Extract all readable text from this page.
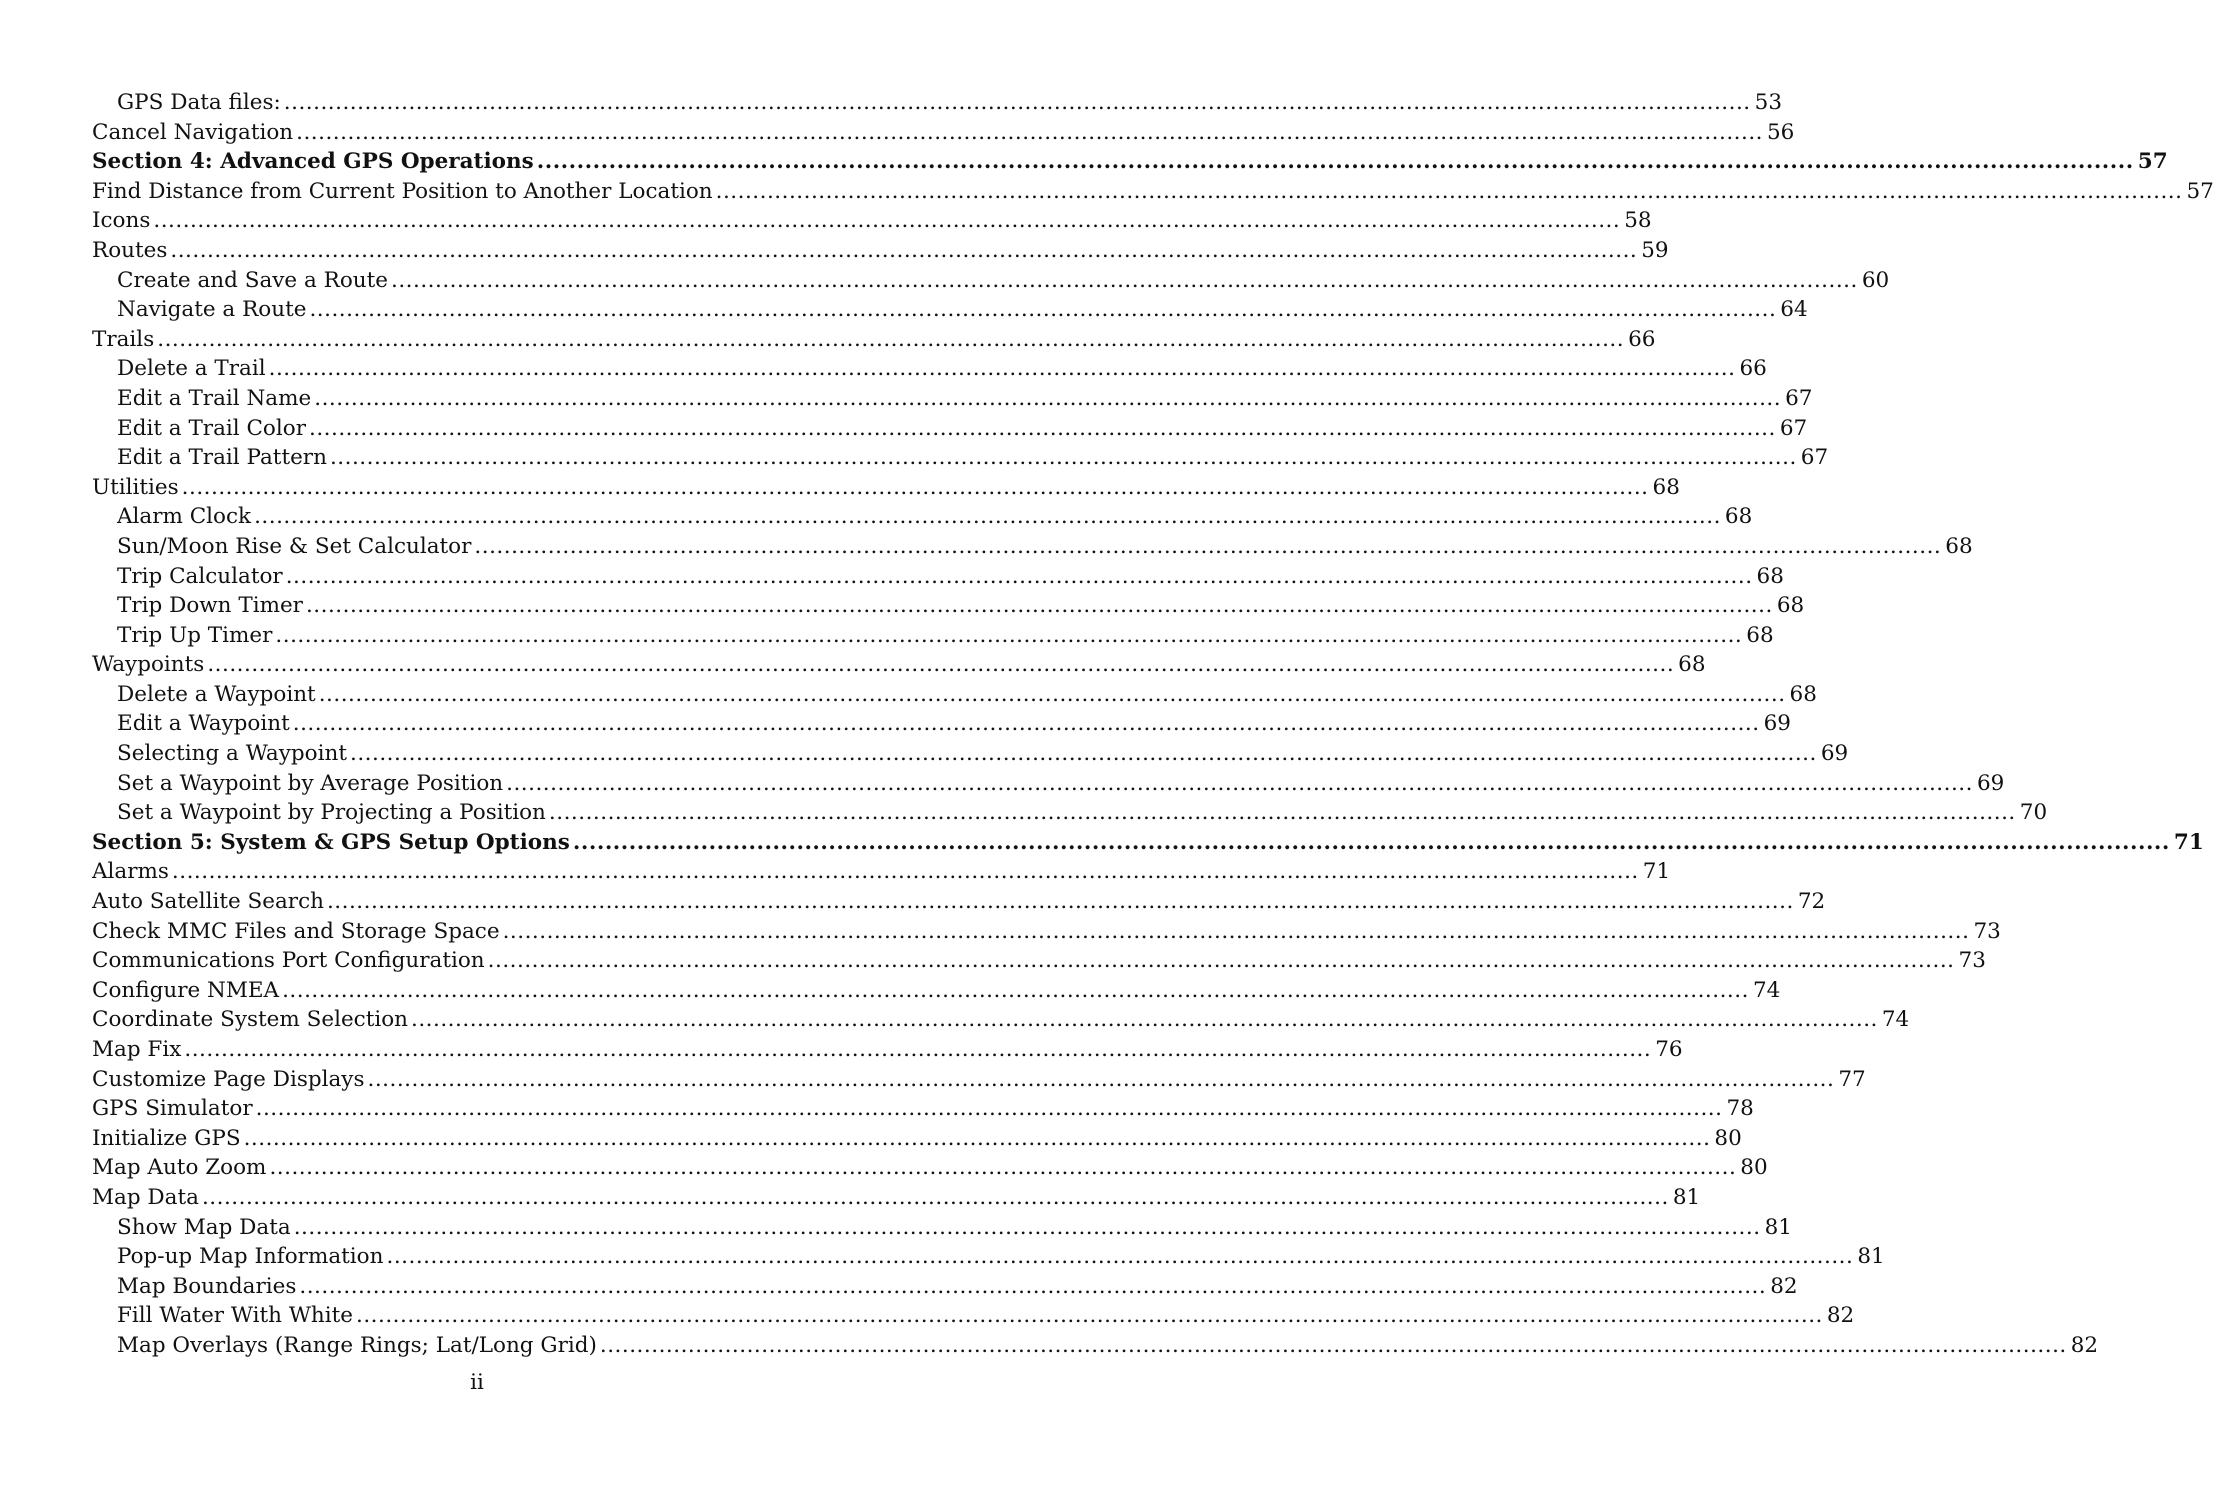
GPS Data files: ........................................................................................................................................................................................................ 53
Cancel Navigation ........................................................................................................................................................................................................ 56
Section 4: Advanced GPS Operations ........................................................................................................................................................................................................ 57
Find Distance from Current Position to Another Location ........................................................................................................................................................................................................ 57
Icons ........................................................................................................................................................................................................ 58
Routes ........................................................................................................................................................................................................ 59
Create and Save a Route ........................................................................................................................................................................................................ 60
Navigate a Route ........................................................................................................................................................................................................ 64
Trails ........................................................................................................................................................................................................ 66
Delete a Trail ........................................................................................................................................................................................................ 66
Edit a Trail Name ........................................................................................................................................................................................................ 67
Edit a Trail Color ........................................................................................................................................................................................................ 67
Edit a Trail Pattern ........................................................................................................................................................................................................ 67
Utilities ........................................................................................................................................................................................................ 68
Alarm Clock ........................................................................................................................................................................................................ 68
Sun/Moon Rise & Set Calculator ........................................................................................................................................................................................................ 68
Trip Calculator ........................................................................................................................................................................................................ 68
Trip Down Timer ........................................................................................................................................................................................................ 68
Trip Up Timer ........................................................................................................................................................................................................ 68
Waypoints ........................................................................................................................................................................................................ 68
Delete a Waypoint ........................................................................................................................................................................................................ 68
Edit a Waypoint ........................................................................................................................................................................................................ 69
Selecting a Waypoint ........................................................................................................................................................................................................ 69
Set a Waypoint by Average Position ........................................................................................................................................................................................................ 69
Set a Waypoint by Projecting a Position ........................................................................................................................................................................................................ 70
Section 5: System & GPS Setup Options ........................................................................................................................................................................................................ 71
Alarms ........................................................................................................................................................................................................ 71
Auto Satellite Search ........................................................................................................................................................................................................ 72
Check MMC Files and Storage Space ........................................................................................................................................................................................................ 73
Communications Port Configuration ........................................................................................................................................................................................................ 73
Configure NMEA ........................................................................................................................................................................................................ 74
Coordinate System Selection ........................................................................................................................................................................................................ 74
Map Fix ........................................................................................................................................................................................................ 76
Customize Page Displays ........................................................................................................................................................................................................ 77
GPS Simulator ........................................................................................................................................................................................................ 78
Initialize GPS ........................................................................................................................................................................................................ 80
Map Auto Zoom ........................................................................................................................................................................................................ 80
Map Data ........................................................................................................................................................................................................ 81
Show Map Data ........................................................................................................................................................................................................ 81
Pop-up Map Information ........................................................................................................................................................................................................ 81
Map Boundaries ........................................................................................................................................................................................................ 82
Fill Water With White ........................................................................................................................................................................................................ 82
Map Overlays (Range Rings; Lat/Long Grid) ........................................................................................................................................................................................................ 82
ii
